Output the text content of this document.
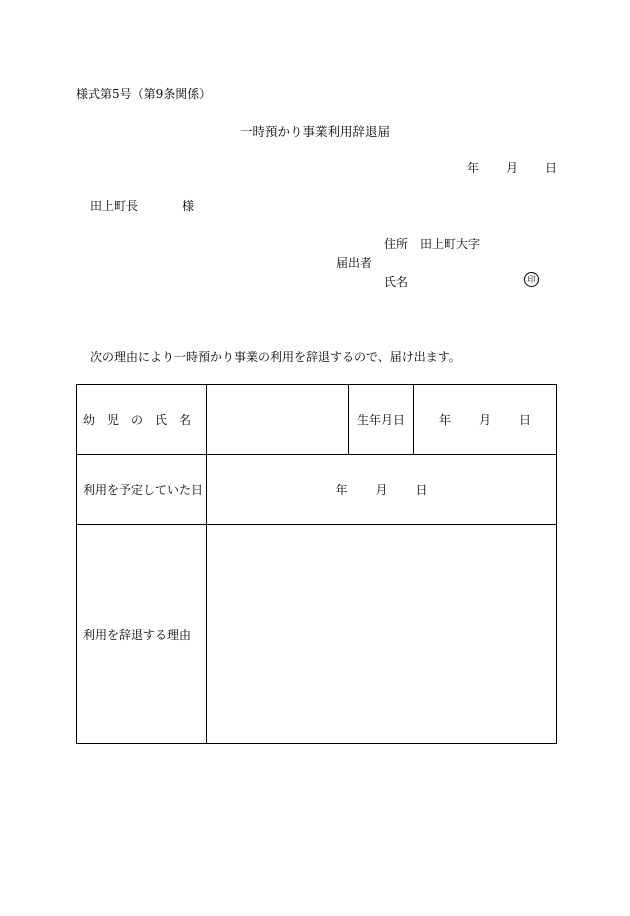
様式第5号（第9条関係）
一時預かり事業利用辞退届
年 月 日
田上町長	様
住所 田上町大字
届出者
氏名	印
次の理由により一時預かり事業の利用を辞退するので、届け出ます。
幼　児　の　氏　名		生年月日	年 月 日
利用を予定していた日	年 月 日		
利用を辞退する理由			
